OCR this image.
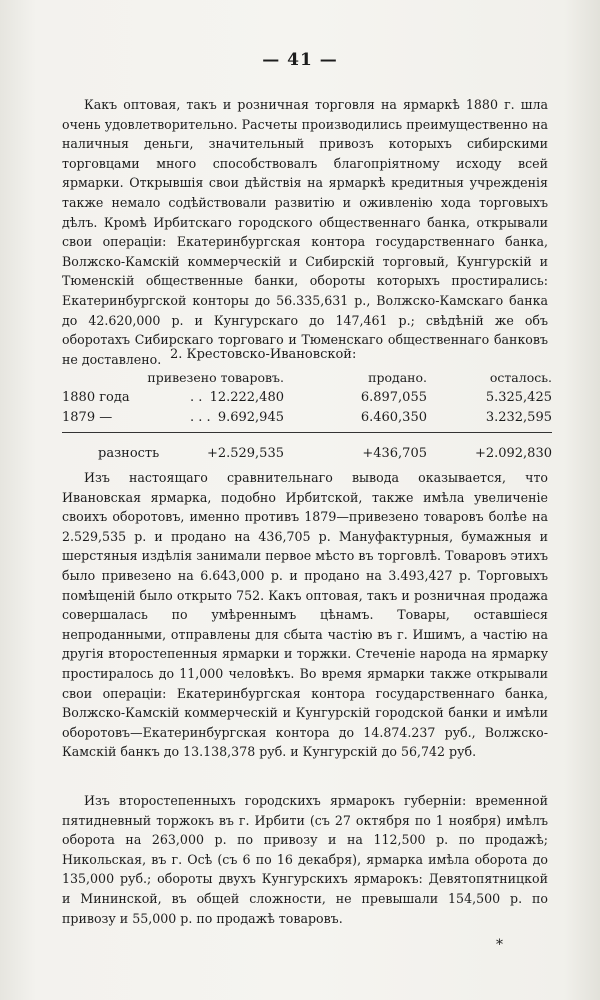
— 41 —

Какъ оптовая, такъ и розничная торговля на ярмаркѣ 1880 г. шла очень удовлетворительно. Расчеты производились преимущественно на наличныя деньги, значительный привозъ которыхъ сибирскими торговцами много способствовалъ благопріятному исходу всей ярмарки. Открывшія свои дѣйствія на ярмаркѣ кредитныя учрежденія также немало содѣйствовали развитію и оживленію хода торговыхъ дѣлъ. Кромѣ Ирбитскаго городского общественнаго банка, открывали свои операціи: Екатеринбургская контора государственнаго банка, Волжско-Камскій коммерческій и Сибирскій торговый, Кунгурскій и Тюменскій общественные банки, обороты которыхъ простирались: Екатеринбургской конторы до 56.335,631 р., Волжско-Камскаго банка до 42.620,000 р. и Кунгурскаго до 147,461 р.; свѣдѣній же объ оборотахъ Сибирскаго торговаго и Тюменскаго общественнаго банковъ не доставлено. 2. Крестовско-Ивановской:
привезено товаровъ.	продано.	осталось.
1880 года	. . 12.222,480	6.897,055	5.325,425
1879 —	. . . 9.692,945	6.460,350	3.232,595
разность	+2.529,535	+436,705	+2.092,830

Изъ настоящаго сравнительнаго вывода оказывается, что Ивановская ярмарка, подобно Ирбитской, также имѣла увеличеніе своихъ оборотовъ, именно противъ 1879—привезено товаровъ болѣе на 2.529,535 р. и продано на 436,705 р. Мануфактурныя, бумажныя и шерстяныя издѣлія занимали первое мѣсто въ торговлѣ. Товаровъ этихъ было привезено на 6.643,000 р. и продано на 3.493,427 р. Торговыхъ помѣщеній было открыто 752. Какъ оптовая, такъ и розничная продажа совершалась по умѣреннымъ цѣнамъ. Товары, оставшіеся непроданными, отправлены для сбыта частію въ г. Ишимъ, а частію на другія второстепенныя ярмарки и торжки. Стеченіе народа на ярмарку простиралось до 11,000 человѣкъ. Во время ярмарки также открывали свои операціи: Екатеринбургская контора государственнаго банка, Волжско-Камскій коммерческій и Кунгурскій городской банки и имѣли оборотовъ—Екатеринбургская контора до 14.874.237 руб., Волжско-Камскій банкъ до 13.138,378 руб. и Кунгурскій до 56,742 руб.

Изъ второстепенныхъ городскихъ ярмарокъ губерніи: временной пятидневный торжокъ въ г. Ирбити (съ 27 октября по 1 ноября) имѣлъ оборота на 263,000 р. по привозу и на 112,500 р. по продажѣ; Никольская, въ г. Осѣ (съ 6 по 16 декабря), ярмарка имѣла оборота до 135,000 руб.; обороты двухъ Кунгурскихъ ярмарокъ: Девятопятницкой и Мининской, въ общей сложности, не превышали 154,500 р. по привозу и 55,000 р. по продажѣ товаровъ.

*
